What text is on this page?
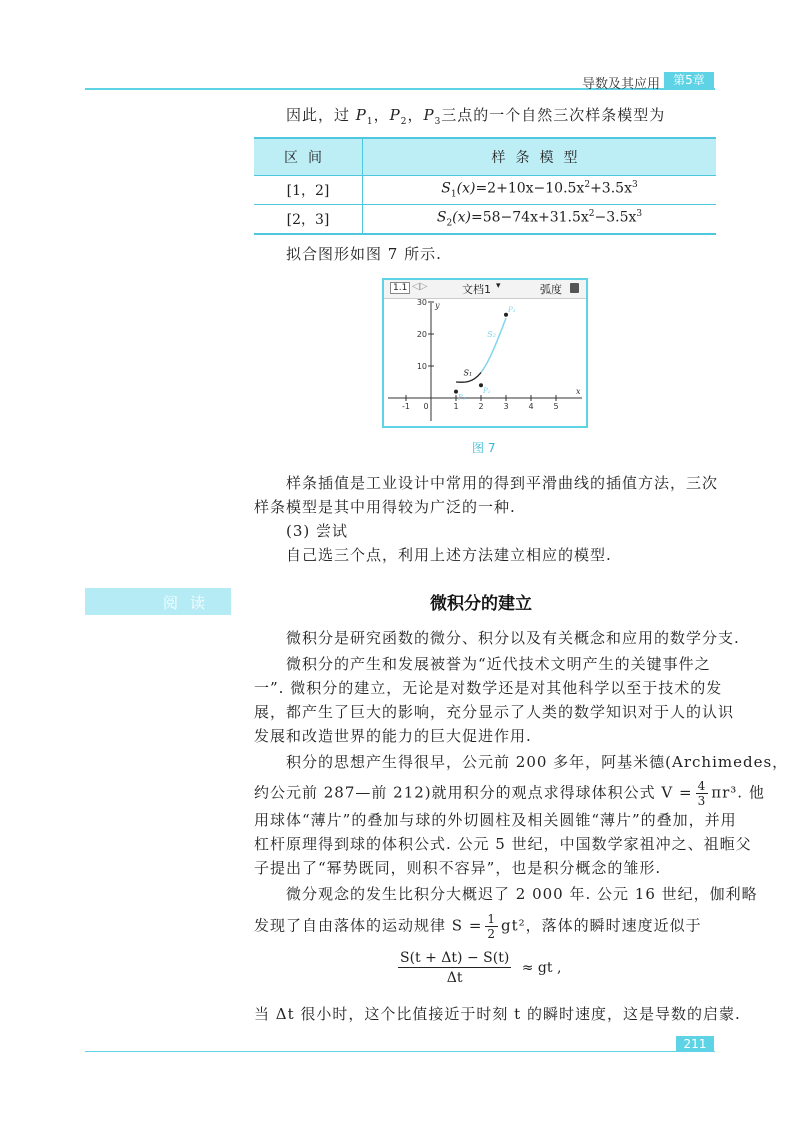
导数及其应用	第5章
因此，过 $P_1$，$P_2$，$P_3$三点的一个自然三次样条模型为
区间	样条模型
[1，2]	$S_1(x)=2+10x-10.5x^2+3.5x^3$
[2，3]	$S_2(x)=58-74x+31.5x^2-3.5x^3$
拟合图形如图 7 所示.
1.1 ◁▷	文档1 ▾	弧度
y
x
30
20
10
-1 0	1 2 3 4 5
S₁
S₂
P₁
P₂
P₃
图 7
样条插值是工业设计中常用的得到平滑曲线的插值方法，三次
样条模型是其中用得较为广泛的一种.
(3) 尝试
自己选三个点，利用上述方法建立相应的模型.
阅读	微积分的建立
微积分是研究函数的微分、积分以及有关概念和应用的数学分支.
微积分的产生和发展被誉为“近代技术文明产生的关键事件之
一”. 微积分的建立，无论是对数学还是对其他科学以至于技术的发
展，都产生了巨大的影响，充分显示了人类的数学知识对于人的认识
发展和改造世界的能力的巨大促进作用.
积分的思想产生得很早，公元前 200 多年，阿基米德(Archimedes，
约公元前 287—前 212)就用积分的观点求得球体积公式 $V = \frac{4}{3} \pi r^3$. 他
用球体“薄片”的叠加与球的外切圆柱及相关圆锥“薄片”的叠加，并用
杠杆原理得到球的体积公式. 公元 5 世纪，中国数学家祖冲之、祖暅父
子提出了“幂势既同，则积不容异”，也是积分概念的雏形.
微分观念的发生比积分大概迟了 2 000 年. 公元 16 世纪，伽利略
发现了自由落体的运动规律 $S = \frac{1}{2} gt^2$，落体的瞬时速度近似于
$\frac{S(t + \Delta t) - S(t)}{\Delta t}$ ≈ gt ,
当 Δt 很小时，这个比值接近于时刻 t 的瞬时速度，这是导数的启蒙.
211
